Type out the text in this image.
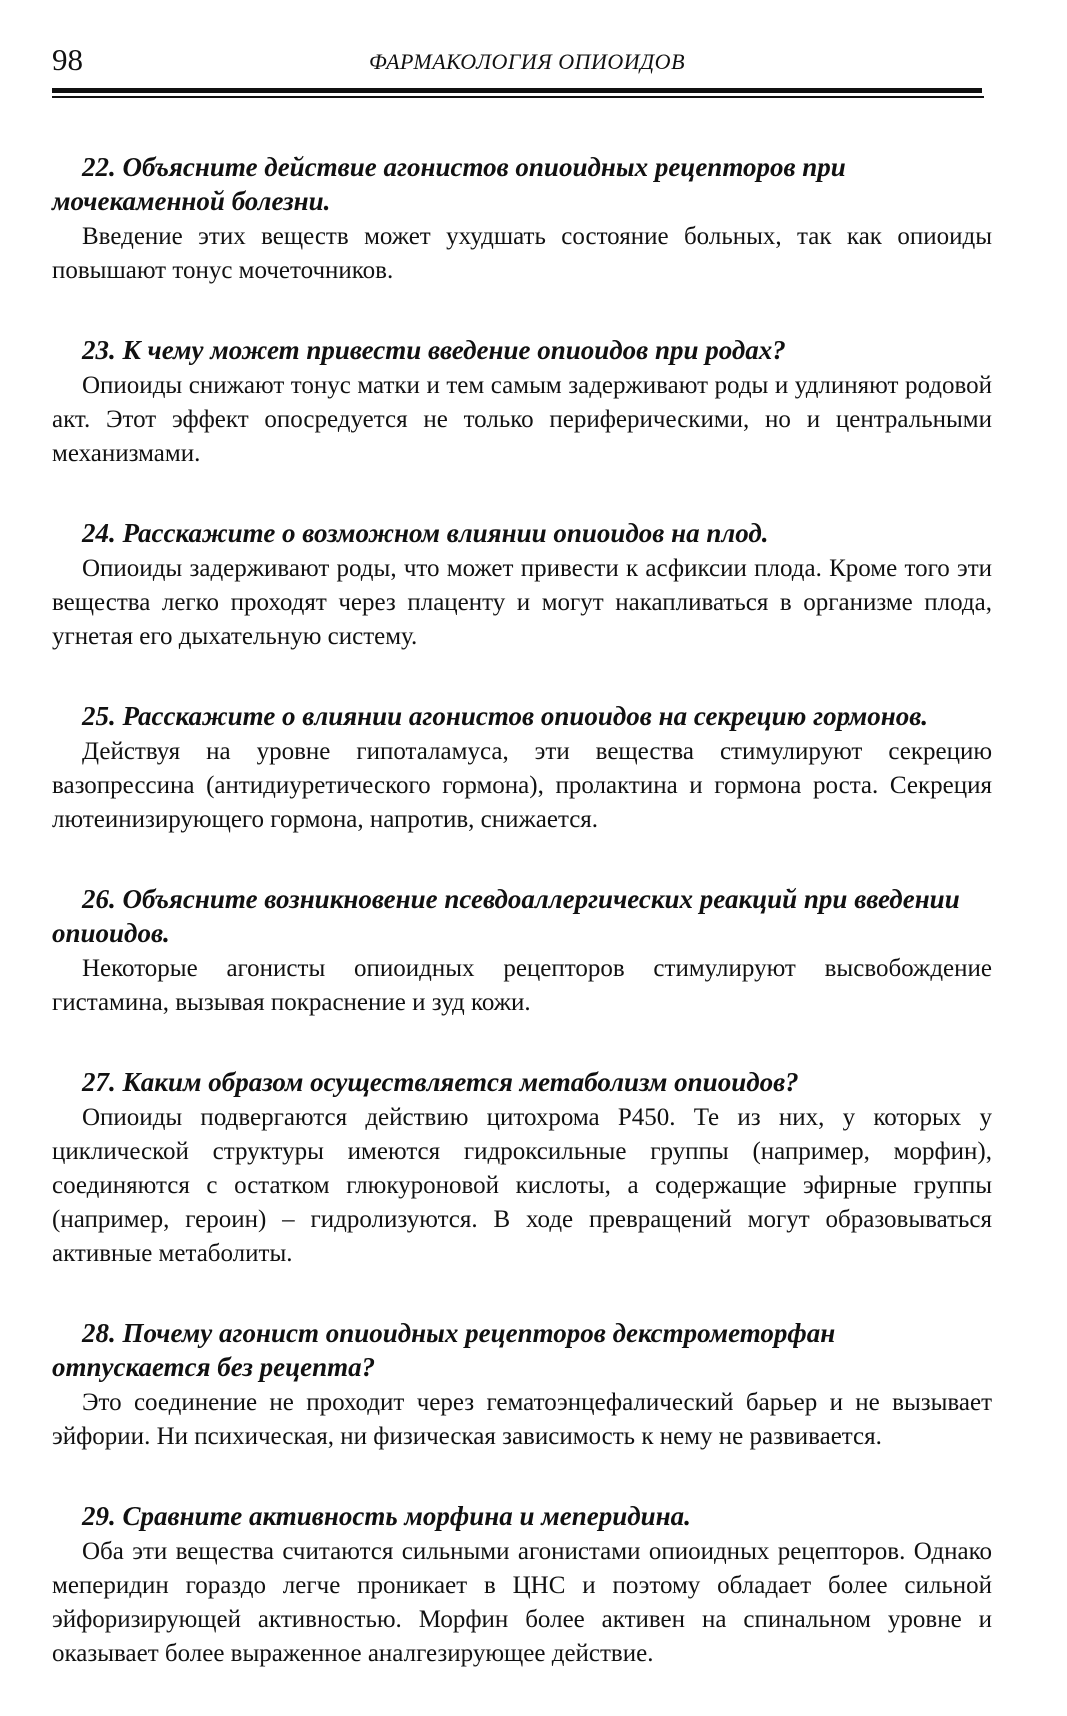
98	ФАРМАКОЛОГИЯ ОПИОИДОВ

22. Объясните действие агонистов опиоидных рецепторов при мочекаменной болезни.

Введение этих веществ может ухудшать состояние больных, так как опиоиды повышают тонус мочеточников.

23. К чему может привести введение опиоидов при родах?

Опиоиды снижают тонус матки и тем самым задерживают роды и удлиняют родовой акт. Этот эффект опосредуется не только периферическими, но и центральными механизмами.

24. Расскажите о возможном влиянии опиоидов на плод.

Опиоиды задерживают роды, что может привести к асфиксии плода. Кроме того эти вещества легко проходят через плаценту и могут накапливаться в организме плода, угнетая его дыхательную систему.

25. Расскажите о влиянии агонистов опиоидов на секрецию гормонов.

Действуя на уровне гипоталамуса, эти вещества стимулируют секрецию вазопрессина (антидиуретического гормона), пролактина и гормона роста. Секреция лютеинизирующего гормона, напротив, снижается.

26. Объясните возникновение псевдоаллергических реакций при введении опиоидов.

Некоторые агонисты опиоидных рецепторов стимулируют высвобождение гистамина, вызывая покраснение и зуд кожи.

27. Каким образом осуществляется метаболизм опиоидов?

Опиоиды подвергаются действию цитохрома P450. Те из них, у которых у циклической структуры имеются гидроксильные группы (например, морфин), соединяются с остатком глюкуроновой кислоты, а содержащие эфирные группы (например, героин) – гидролизуются. В ходе превращений могут образовываться активные метаболиты.

28. Почему агонист опиоидных рецепторов декстрометорфан отпускается без рецепта?

Это соединение не проходит через гематоэнцефалический барьер и не вызывает эйфории. Ни психическая, ни физическая зависимость к нему не развивается.

29. Сравните активность морфина и меперидина.

Оба эти вещества считаются сильными агонистами опиоидных рецепторов. Однако меперидин гораздо легче проникает в ЦНС и поэтому обладает более сильной эйфоризирующей активностью. Морфин более активен на спинальном уровне и оказывает более выраженное аналгезирующее действие.
